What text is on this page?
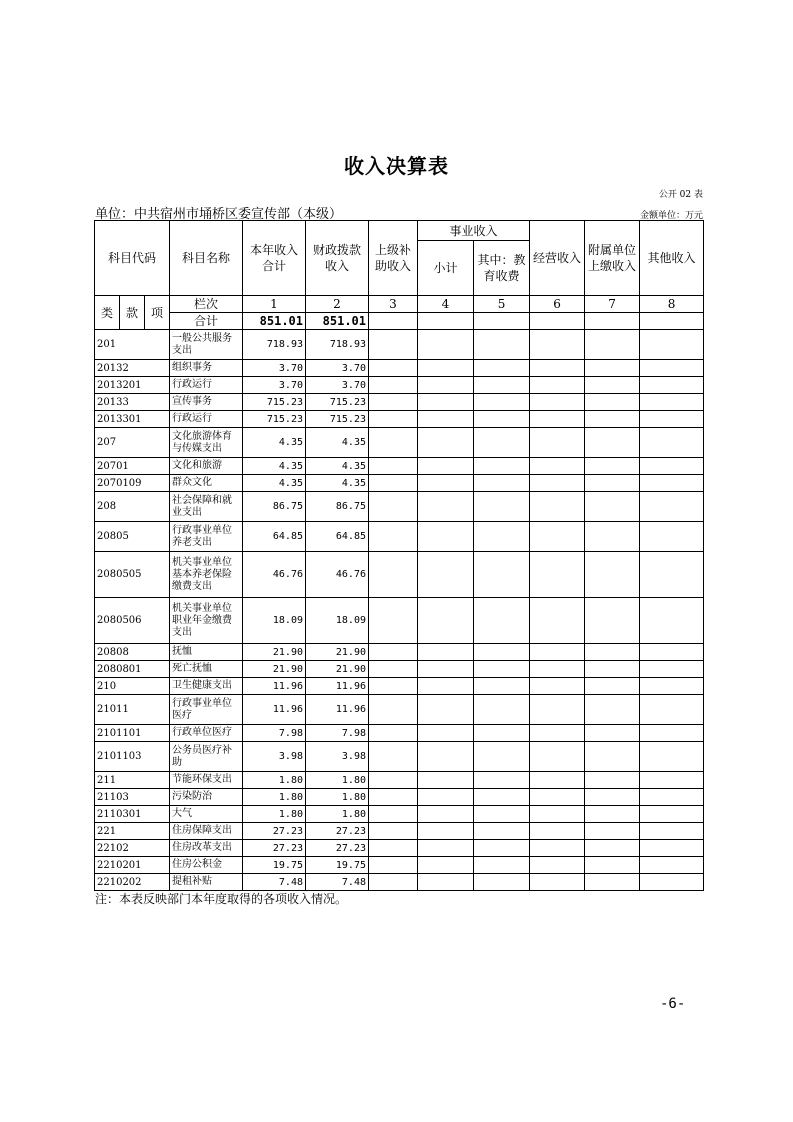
收入决算表
公开 02 表
单位：中共宿州市埇桥区委宣传部（本级）	金额单位：万元
科目代码			科目名称	本年收入合计	财政拨款收入	上级补助收入	事业收入		经营收入	附属单位上缴收入	其他收入
							小计	其中：教育收费			
类	款	项	栏次	1	2	3	4	5	6	7	8
			合计	851.01	851.01						
201			一般公共服务支出	718.93	718.93						
20132			组织事务	3.70	3.70						
2013201			行政运行	3.70	3.70						
20133			宣传事务	715.23	715.23						
2013301			行政运行	715.23	715.23						
207			文化旅游体育与传媒支出	4.35	4.35						
20701			文化和旅游	4.35	4.35						
2070109			群众文化	4.35	4.35						
208			社会保障和就业支出	86.75	86.75						
20805			行政事业单位养老支出	64.85	64.85						
2080505			机关事业单位基本养老保险缴费支出	46.76	46.76						
2080506			机关事业单位职业年金缴费支出	18.09	18.09						
20808			抚恤	21.90	21.90						
2080801			死亡抚恤	21.90	21.90						
210			卫生健康支出	11.96	11.96						
21011			行政事业单位医疗	11.96	11.96						
2101101			行政单位医疗	7.98	7.98						
2101103			公务员医疗补助	3.98	3.98						
211			节能环保支出	1.80	1.80						
21103			污染防治	1.80	1.80						
2110301			大气	1.80	1.80						
221			住房保障支出	27.23	27.23						
22102			住房改革支出	27.23	27.23						
2210201			住房公积金	19.75	19.75						
2210202			提租补贴	7.48	7.48						
注：本表反映部门本年度取得的各项收入情况。
-6-
